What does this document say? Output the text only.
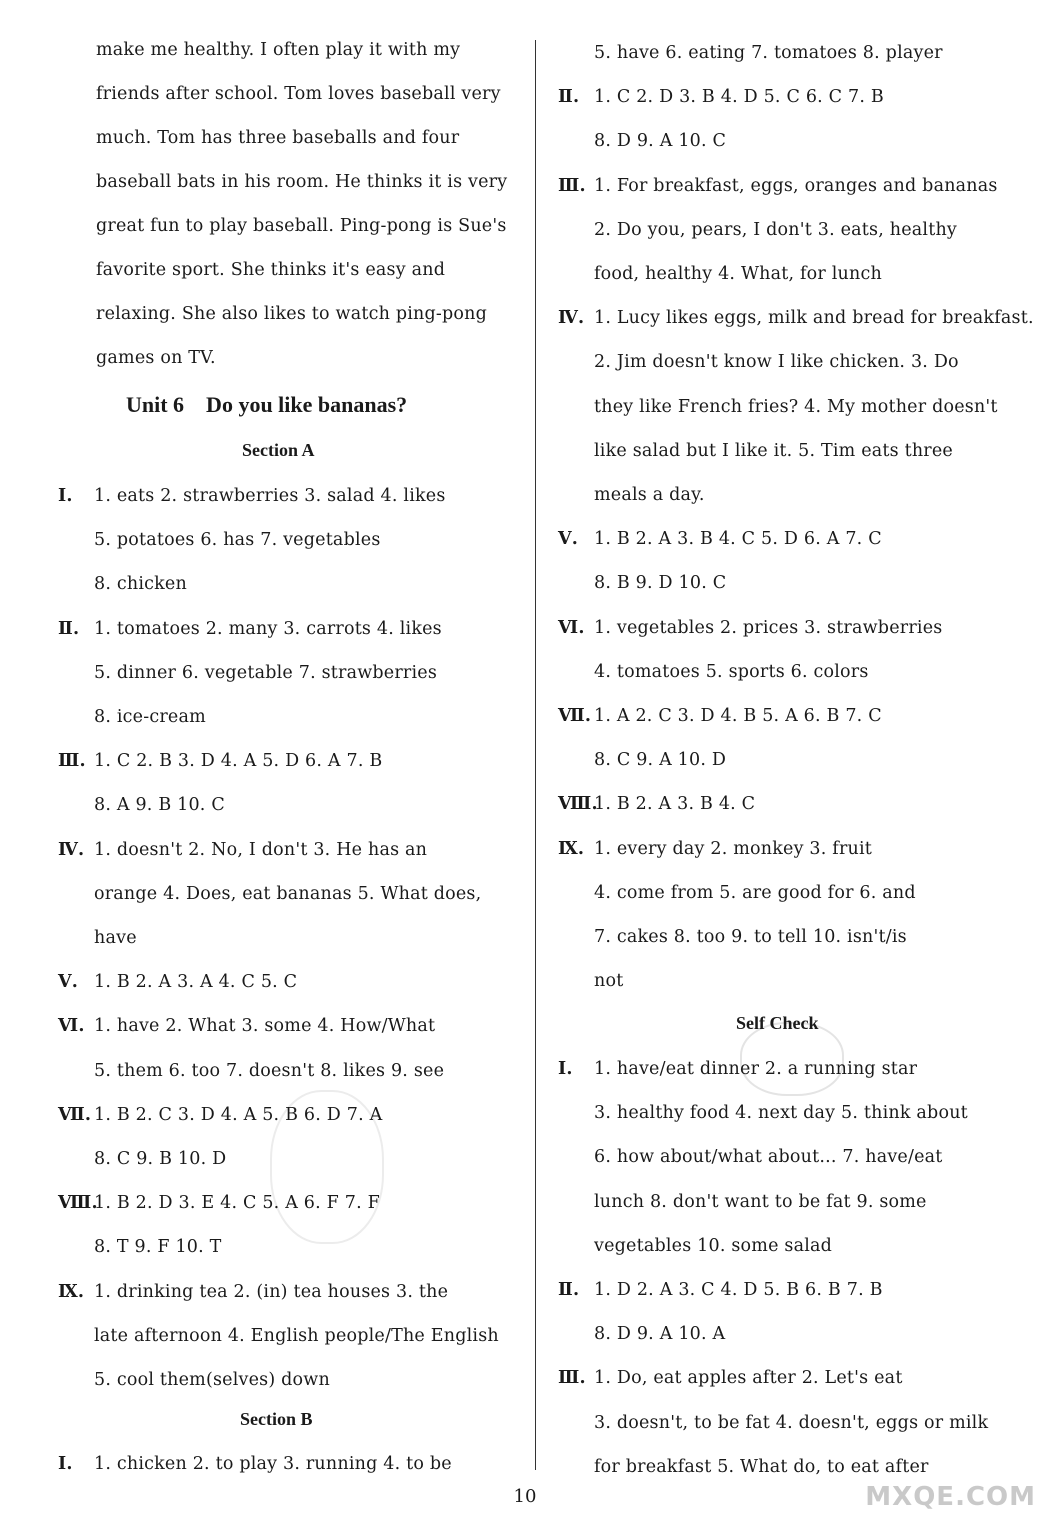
make me healthy. I often play it with my
friends after school. Tom loves baseball very
much. Tom has three baseballs and four
baseball bats in his room. He thinks it is very
great fun to play baseball. Ping-pong is Sue's
favorite sport. She thinks it's easy and
relaxing. She also likes to watch ping-pong
games on TV.
Unit 6    Do you like bananas?
Section A
Ⅰ. 1. eats 2. strawberries 3. salad 4. likes
5. potatoes 6. has 7. vegetables
8. chicken
Ⅱ. 1. tomatoes 2. many 3. carrots 4. likes
5. dinner 6. vegetable 7. strawberries
8. ice-cream
Ⅲ. 1. C 2. B 3. D 4. A 5. D 6. A 7. B
8. A 9. B 10. C
Ⅳ. 1. doesn't 2. No, I don't 3. He has an
orange 4. Does, eat bananas 5. What does,
have
Ⅴ. 1. B 2. A 3. A 4. C 5. C
Ⅵ. 1. have 2. What 3. some 4. How/What
5. them 6. too 7. doesn't 8. likes 9. see
Ⅶ. 1. B 2. C 3. D 4. A 5. B 6. D 7. A
8. C 9. B 10. D
Ⅷ.1. B 2. D 3. E 4. C 5. A 6. F 7. F
8. T 9. F 10. T
Ⅸ. 1. drinking tea 2. (in) tea houses 3. the
late afternoon 4. English people/The English
5. cool them(selves) down
Section B
Ⅰ. 1. chicken 2. to play 3. running 4. to be
5. have 6. eating 7. tomatoes 8. player
Ⅱ. 1. C 2. D 3. B 4. D 5. C 6. C 7. B
8. D 9. A 10. C
Ⅲ. 1. For breakfast, eggs, oranges and bananas
2. Do you, pears, I don't 3. eats, healthy
food, healthy 4. What, for lunch
Ⅳ. 1. Lucy likes eggs, milk and bread for breakfast.
2. Jim doesn't know I like chicken. 3. Do
they like French fries? 4. My mother doesn't
like salad but I like it. 5. Tim eats three
meals a day.
Ⅴ. 1. B 2. A 3. B 4. C 5. D 6. A 7. C
8. B 9. D 10. C
Ⅵ. 1. vegetables 2. prices 3. strawberries
4. tomatoes 5. sports 6. colors
Ⅶ. 1. A 2. C 3. D 4. B 5. A 6. B 7. C
8. C 9. A 10. D
Ⅷ.1. B 2. A 3. B 4. C
Ⅸ. 1. every day 2. monkey 3. fruit
4. come from 5. are good for 6. and
7. cakes 8. too 9. to tell 10. isn't/is
not
Self Check
Ⅰ. 1. have/eat dinner 2. a running star
3. healthy food 4. next day 5. think about
6. how about/what about... 7. have/eat
lunch 8. don't want to be fat 9. some
vegetables 10. some salad
Ⅱ. 1. D 2. A 3. C 4. D 5. B 6. B 7. B
8. D 9. A 10. A
Ⅲ. 1. Do, eat apples after 2. Let's eat
3. doesn't, to be fat 4. doesn't, eggs or milk
for breakfast 5. What do, to eat after
10	MXQE.COM
